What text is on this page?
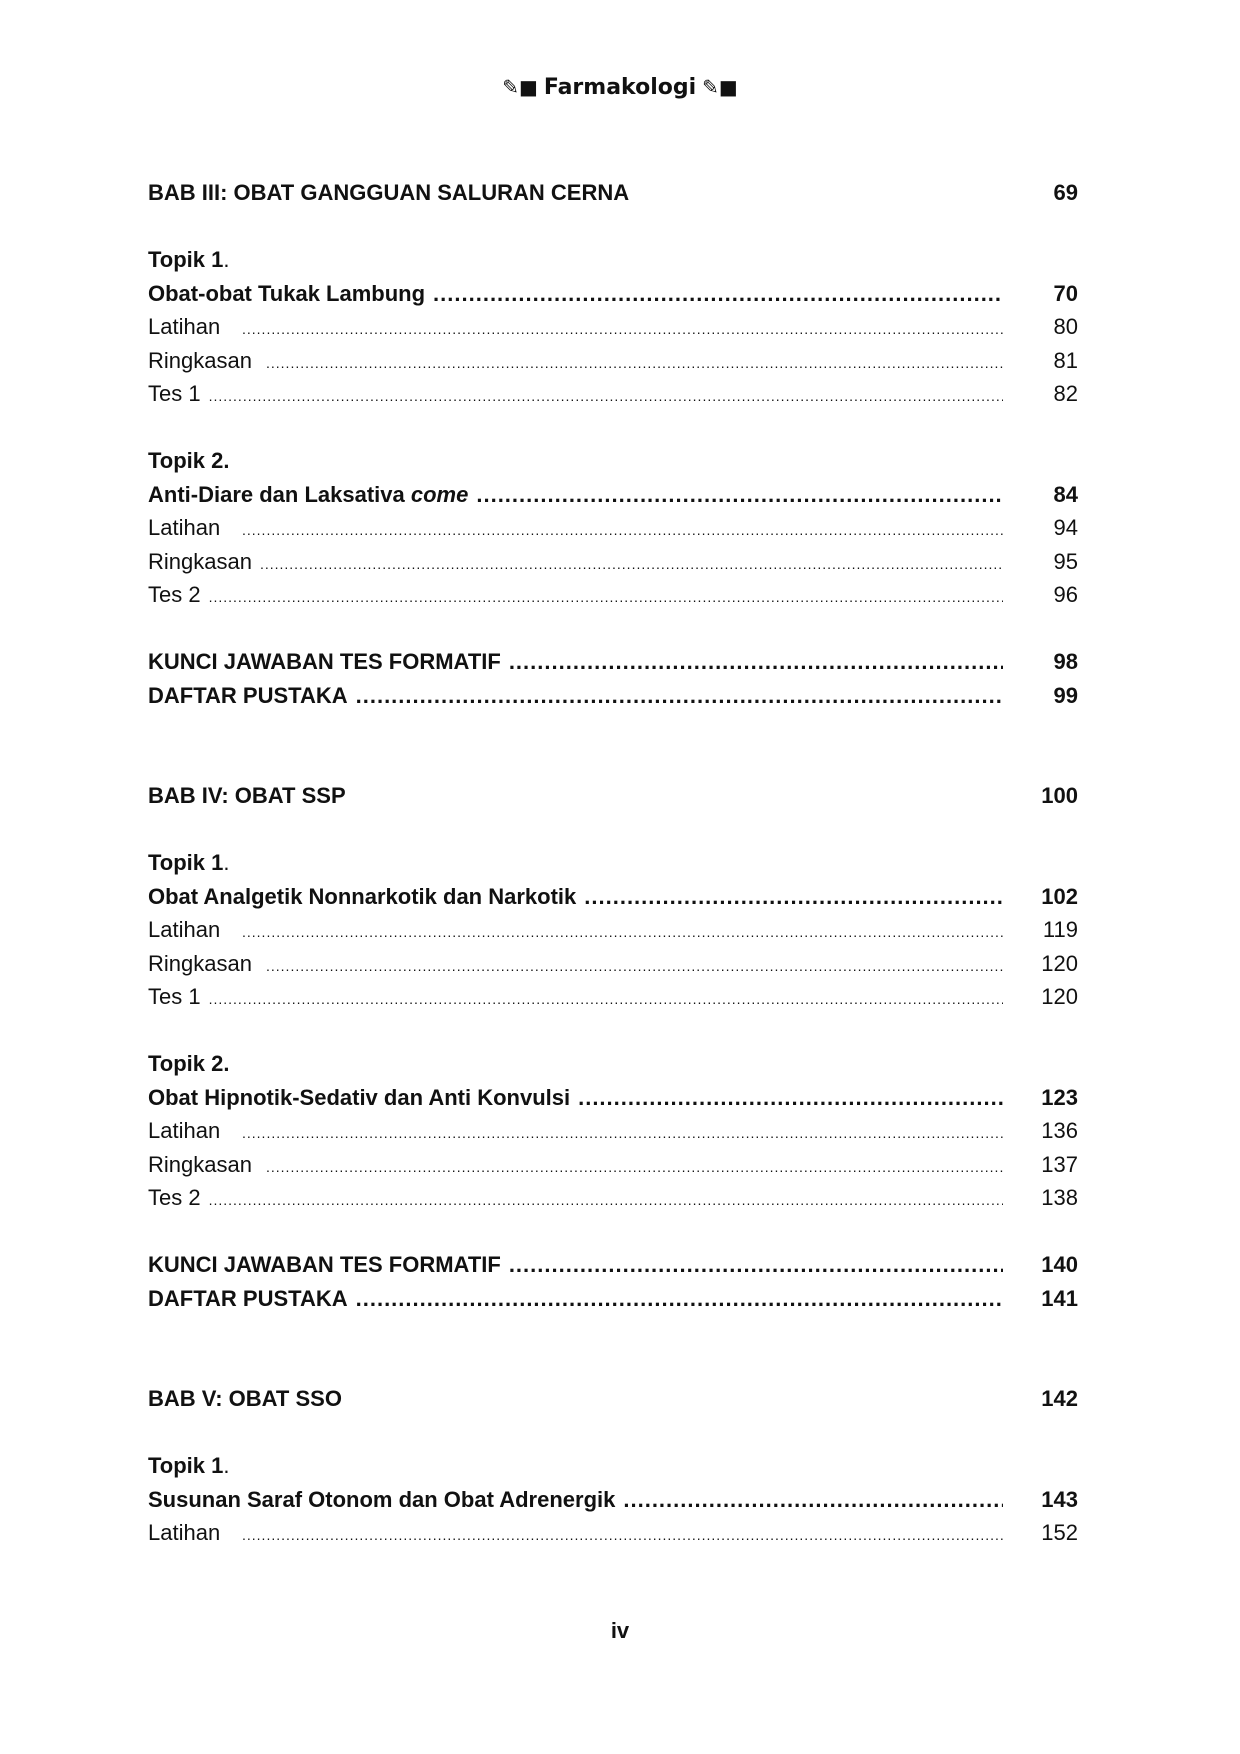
✎■ Farmakologi ✎■
BAB III: OBAT GANGGUAN SALURAN CERNA	69
Topik 1.
Obat-obat Tukak Lambung .....	70
Latihan .....	80
Ringkasan .....	81
Tes 1 .....	82
Topik 2.
Anti-Diare dan Laksativa come .....	84
Latihan .....	94
Ringkasan .....	95
Tes 2 .....	96
KUNCI JAWABAN TES FORMATIF .....	98
DAFTAR PUSTAKA .....	99
BAB IV: OBAT SSP	100
Topik 1.
Obat Analgetik Nonnarkotik dan Narkotik .....	102
Latihan .....	119
Ringkasan .....	120
Tes 1 .....	120
Topik 2.
Obat Hipnotik-Sedativ dan Anti Konvulsi .....	123
Latihan .....	136
Ringkasan .....	137
Tes 2 .....	138
KUNCI JAWABAN TES FORMATIF .....	140
DAFTAR PUSTAKA .....	141
BAB V: OBAT SSO	142
Topik 1.
Susunan Saraf Otonom dan Obat Adrenergik .....	143
Latihan .....	152
iv
